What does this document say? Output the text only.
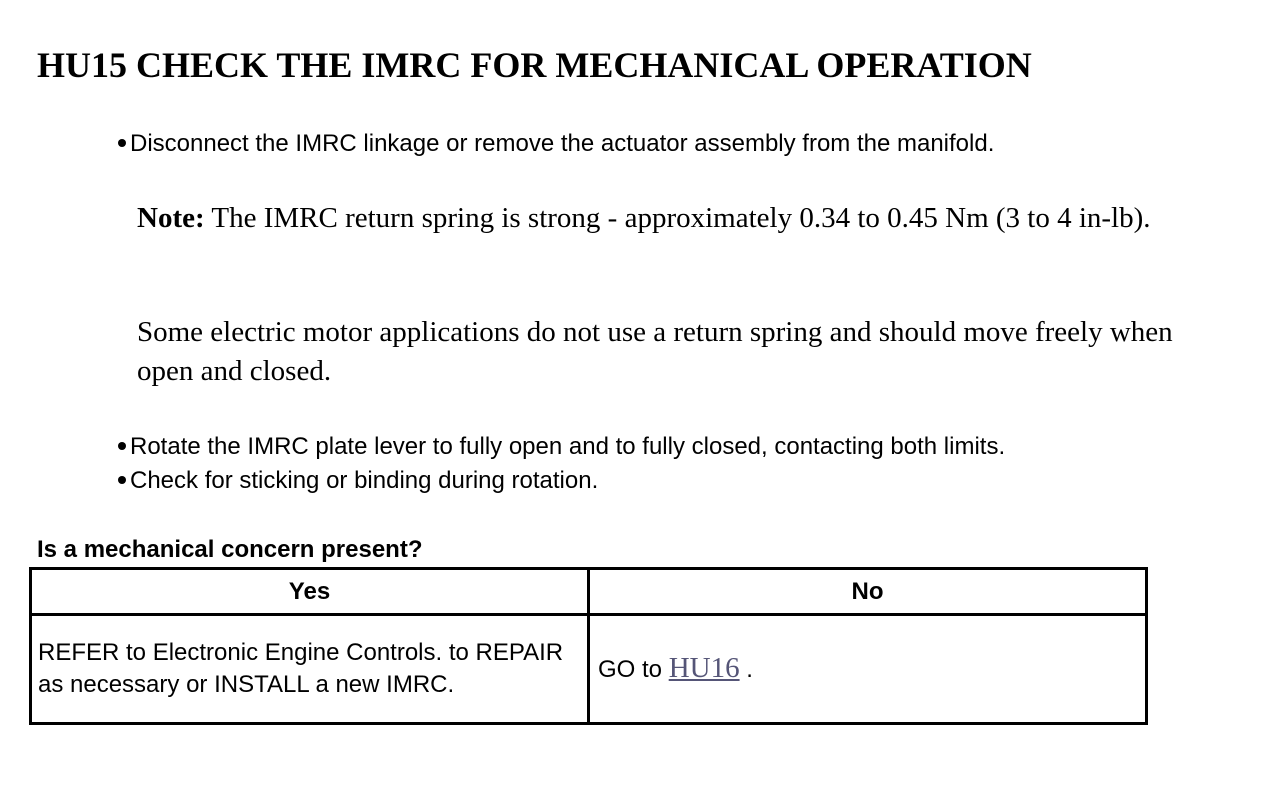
HU15 CHECK THE IMRC FOR MECHANICAL OPERATION
Disconnect the IMRC linkage or remove the actuator assembly from the manifold.

Note: The IMRC return spring is strong - approximately 0.34 to 0.45 Nm (3 to 4 in-lb).

Some electric motor applications do not use a return spring and should move freely when open and closed.

Rotate the IMRC plate lever to fully open and to fully closed, contacting both limits.
Check for sticking or binding during rotation.
Is a mechanical concern present?
Yes	No
REFER to Electronic Engine Controls. to REPAIR as necessary or INSTALL a new IMRC.	GO to HU16 .
